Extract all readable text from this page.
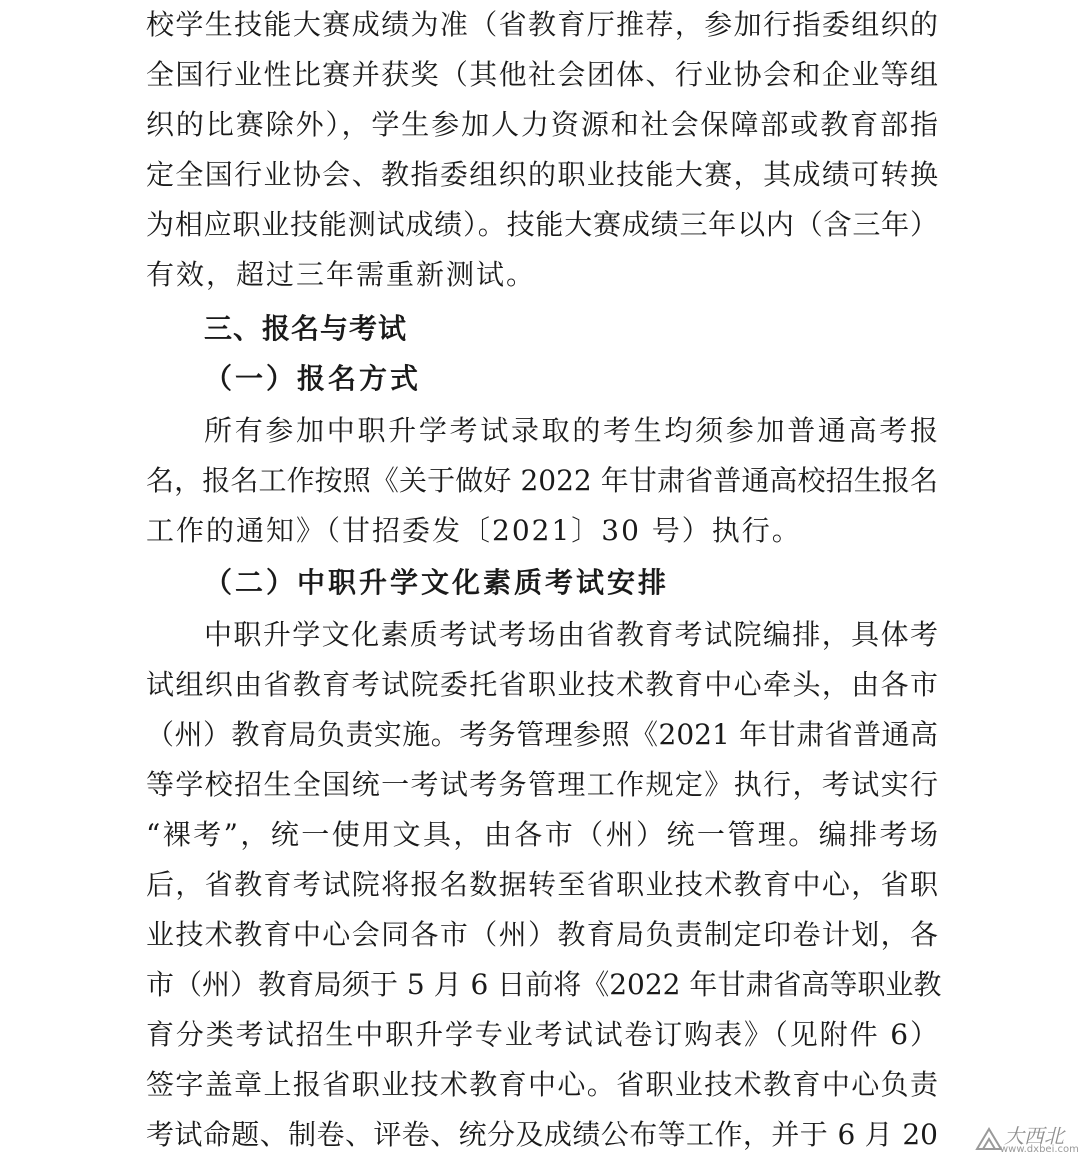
校学生技能大赛成绩为准（省教育厅推荐，参加行指委组织的
全国行业性比赛并获奖（其他社会团体、行业协会和企业等组
织的比赛除外），学生参加人力资源和社会保障部或教育部指
定全国行业协会、教指委组织的职业技能大赛，其成绩可转换
为相应职业技能测试成绩）。技能大赛成绩三年以内（含三年）
有效，超过三年需重新测试。
三、报名与考试
（一）报名方式
所有参加中职升学考试录取的考生均须参加普通高考报
名，报名工作按照《关于做好 2022 年甘肃省普通高校招生报名
工作的通知》（甘招委发〔2021〕30 号）执行。
（二）中职升学文化素质考试安排
中职升学文化素质考试考场由省教育考试院编排，具体考
试组织由省教育考试院委托省职业技术教育中心牵头，由各市
（州）教育局负责实施。考务管理参照《2021 年甘肃省普通高
等学校招生全国统一考试考务管理工作规定》执行，考试实行
“裸考”，统一使用文具，由各市（州）统一管理。编排考场
后，省教育考试院将报名数据转至省职业技术教育中心，省职
业技术教育中心会同各市（州）教育局负责制定印卷计划，各
市（州）教育局须于 5 月 6 日前将《2022 年甘肃省高等职业教
育分类考试招生中职升学专业考试试卷订购表》（见附件 6）
签字盖章上报省职业技术教育中心。省职业技术教育中心负责
考试命题、制卷、评卷、统分及成绩公布等工作，并于 6 月 20	大西北
www.dxbei.com
